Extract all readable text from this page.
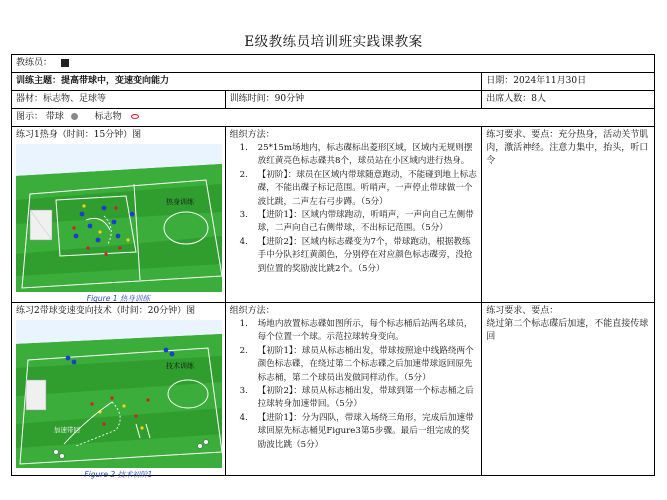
E级教练员培训班实践课教案
教练员：
训练主题：提高带球中，变速变向能力	日期：2024年11月30日
器材：标志物、足球等	训练时间：90分钟	出席人数：8人
图示： 带球	标志物
练习1热身（时间：15分钟）图
热身训练
Figure 1 热身训练
组织方法：
1. 25*15m场地内，标志碟标出菱形区域，区域内无规则摆放红黄亮色标志碟共8个，球员站在小区域内进行热身。
2. 【初阶】：球员在区域内带球随意跑动，不能碰到地上标志碟，不能出碟子标记范围。听哨声，一声停止带球做一个波比跳，二声左右弓步蹲。（5分）
3. 【进阶1】：区域内带球跑动，听哨声，一声向自己左侧带球，二声向自己右侧带球，不出标记范围。（5分）
4. 【进阶2】：区域内标志碟变为7个，带球跑动，根据教练手中分队衫红黄颜色，分别停在对应颜色标志碟旁，没抢到位置的奖励波比跳2个。（5分）
练习要求、要点：充分热身，活动关节肌肉，激活神经。注意力集中，抬头，听口令
练习2带球变速变向技术（时间：20分钟）图
技术训练
加速带回
Figure 2 技术初阶1
组织方法：
1. 场地内放置标志碟如图所示，每个标志桶后站两名球员，每个位置一个球。示范拉球转身变向。
2. 【初阶1】：球员从标志桶出发，带球按照途中线路绕两个颜色标志碟，在绕过第二个标志碟之后加速带球返回原先标志桶，第二个球员出发做同样动作。（5分）
3. 【初阶2】：球员从标志桶出发，带球到第一个标志桶之后拉球转身加速带回。（5分）
4. 【进阶1】：分为四队，带球入场绕三角形，完成后加速带球回原先标志桶见Figure3第5步骤。最后一组完成的奖励波比跳（5分）
练习要求、要点：
绕过第二个标志碟后加速，不能直接传球回
